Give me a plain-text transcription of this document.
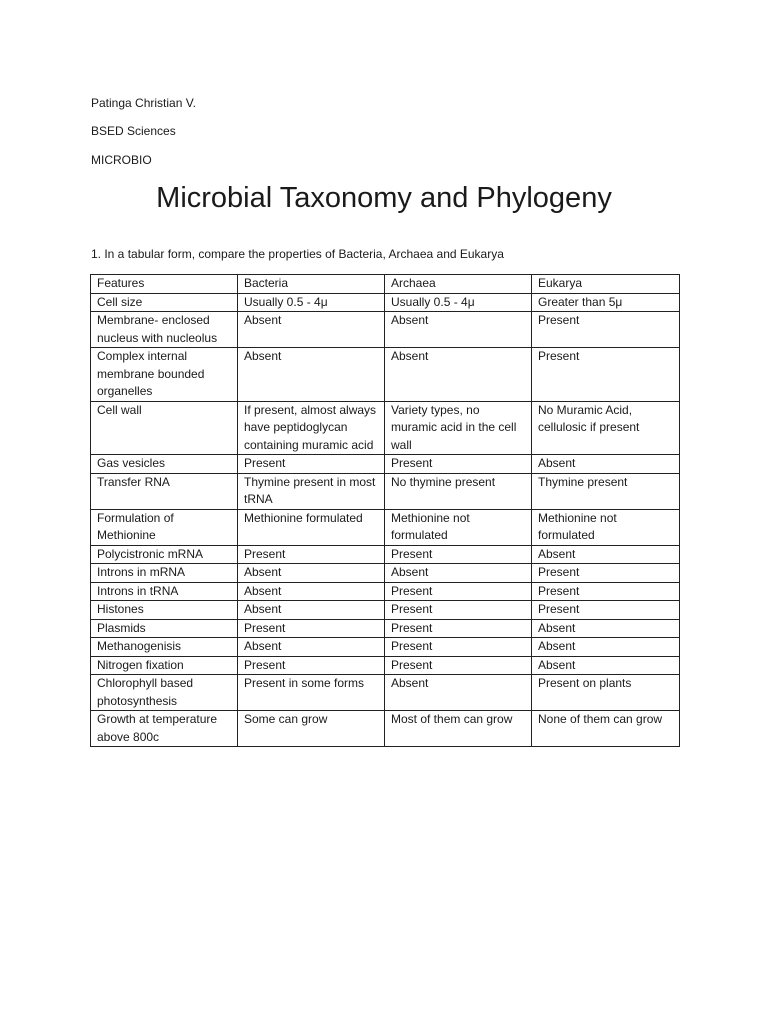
Patinga Christian V.
BSED Sciences
MICROBIO
Microbial Taxonomy and Phylogeny
1. In a tabular form, compare the properties of Bacteria, Archaea and Eukarya
Features	Bacteria	Archaea	Eukarya
Cell size	Usually 0.5 - 4μ	Usually 0.5 - 4μ	Greater than 5μ
Membrane- enclosed nucleus with nucleolus	Absent	Absent	Present
Complex internal membrane bounded organelles	Absent	Absent	Present
Cell wall	If present, almost always have peptidoglycan containing muramic acid	Variety types, no muramic acid in the cell wall	No Muramic Acid, cellulosic if present
Gas vesicles	Present	Present	Absent
Transfer RNA	Thymine present in most tRNA	No thymine present	Thymine present
Formulation of Methionine	Methionine formulated	Methionine not formulated	Methionine not formulated
Polycistronic mRNA	Present	Present	Absent
Introns in mRNA	Absent	Absent	Present
Introns in tRNA	Absent	Present	Present
Histones	Absent	Present	Present
Plasmids	Present	Present	Absent
Methanogenisis	Absent	Present	Absent
Nitrogen fixation	Present	Present	Absent
Chlorophyll based photosynthesis	Present in some forms	Absent	Present on plants
Growth at temperature above 800c	Some can grow	Most of them can grow	None of them can grow
